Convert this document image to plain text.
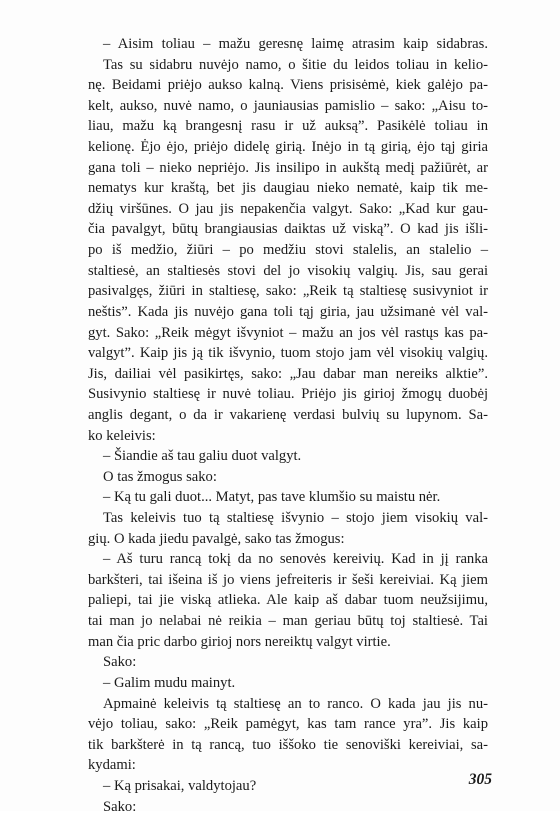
– Aisim toliau – mažu geresnę laimę atrasim kaip sidabras.
Tas su sidabru nuvėjo namo, o šitie du leidos toliau in kelio-
nę. Beidami priėjo aukso kalną. Viens prisisėmė, kiek galėjo pa-
kelt, aukso, nuvė namo, o jauniausias pamislio – sako: „Aisu to-
liau, mažu ką brangesnį rasu ir už auksą”. Pasikėlė toliau in
kelionę. Ėjo ėjo, priėjo didelę girią. Inėjo in tą girią, ėjo tąj giria
gana toli – nieko nepriėjo. Jis insilipo in aukštą medį pažiūrėt, ar
nematys kur kraštą, bet jis daugiau nieko nematė, kaip tik me-
džių viršūnes. O jau jis nepakenčia valgyt. Sako: „Kad kur gau-
čia pavalgyt, būtų brangiausias daiktas už viską”. O kad jis išli-
po iš medžio, žiūri – po medžiu stovi stalelis, an stalelio –
staltiesė, an staltiesės stovi del jo visokių valgių. Jis, sau gerai
pasivalgęs, žiūri in staltiesę, sako: „Reik tą staltiesę susivyniot ir
neštis”. Kada jis nuvėjo gana toli tąj giria, jau užsimanė vėl val-
gyt. Sako: „Reik mėgyt išvyniot – mažu an jos vėl rastųs kas pa-
valgyt”. Kaip jis ją tik išvyniо, tuom stojo jam vėl visokių valgių.
Jis, dailiai vėl pasikirtęs, sako: „Jau dabar man nereiks alktie”.
Susivynio staltiesę ir nuvė toliau. Priėjo jis girioj žmogų duobėj
anglis degant, o da ir vakarienę verdasi bulvių su lupynom. Sa-
ko keleivis:
– Šiandie aš tau galiu duot valgyt.
O tas žmogus sako:
– Ką tu gali duot... Matyt, pas tave klumšio su maistu nėr.
Tas keleivis tuo tą staltiesę išvynio – stojo jiem visokių val-
gių. O kada jiedu pavalgė, sako tas žmogus:
– Aš turu rancą tokį da no senovės kereivių. Kad in jį ranka
barkšteri, tai išeina iš jo viens jefreiteris ir šeši kereiviai. Ką jiem
paliepi, tai jie viską atlieka. Ale kaip aš dabar tuom neužsijimu,
tai man jo nelabai nė reikia – man geriau būtų toj staltiesė. Tai
man čia pric darbo girioj nors nereiktų valgyt virtie.
Sako:
– Galim mudu mainyt.
Apmainė keleivis tą staltiesę an to ranco. O kada jau jis nu-
vėjo toliau, sako: „Reik pamėgyt, kas tam rance yra”. Jis kaip
tik barkšterė in tą rancą, tuo iššoko tie senoviški kereiviai, sa-
kydami:
– Ką prisakai, valdytojau?
Sako:
305
